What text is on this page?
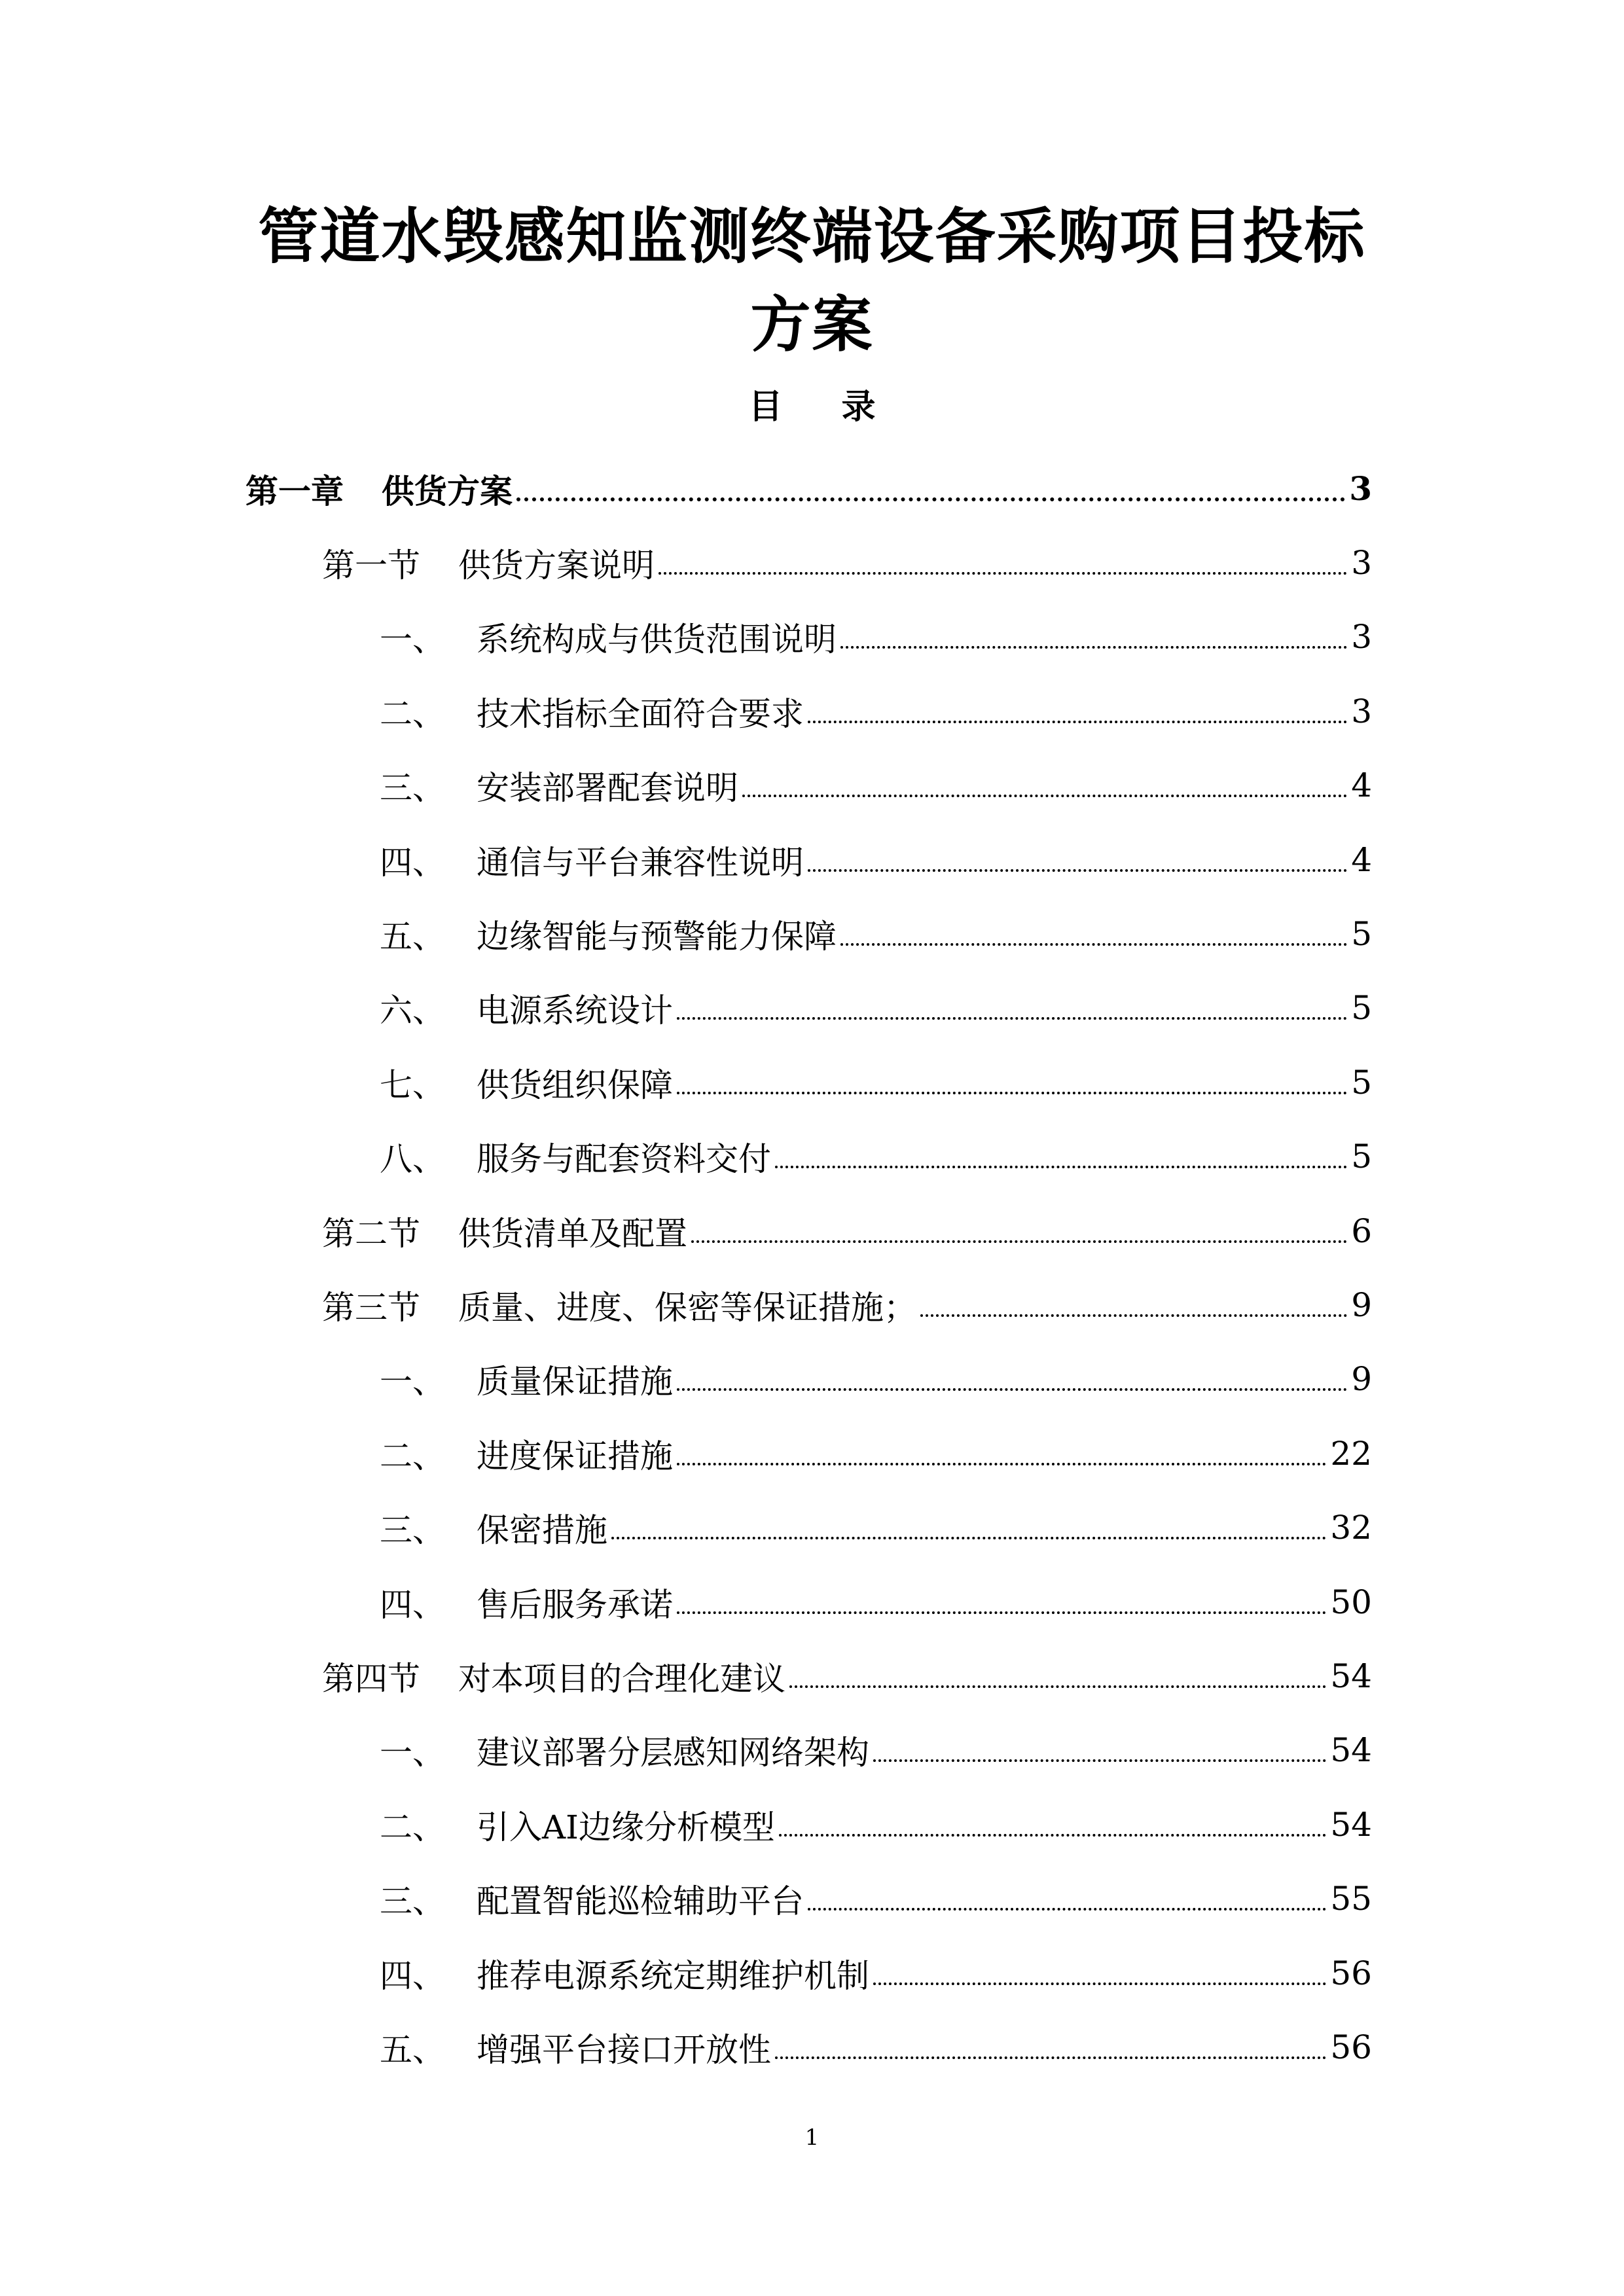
管道水毁感知监测终端设备采购项目投标
方案
目 录
第一章	供货方案	3
第一节	供货方案说明	3
一、 系统构成与供货范围说明	3
二、 技术指标全面符合要求	3
三、 安装部署配套说明	4
四、 通信与平台兼容性说明	4
五、 边缘智能与预警能力保障	5
六、 电源系统设计	5
七、 供货组织保障	5
八、 服务与配套资料交付	5
第二节	供货清单及配置	6
第三节	质量、进度、保密等保证措施；	9
一、 质量保证措施	9
二、 进度保证措施	22
三、 保密措施	32
四、 售后服务承诺	50
第四节	对本项目的合理化建议	54
一、 建议部署分层感知网络架构	54
二、 引入AI边缘分析模型	54
三、 配置智能巡检辅助平台	55
四、 推荐电源系统定期维护机制	56
五、 增强平台接口开放性	56
1
